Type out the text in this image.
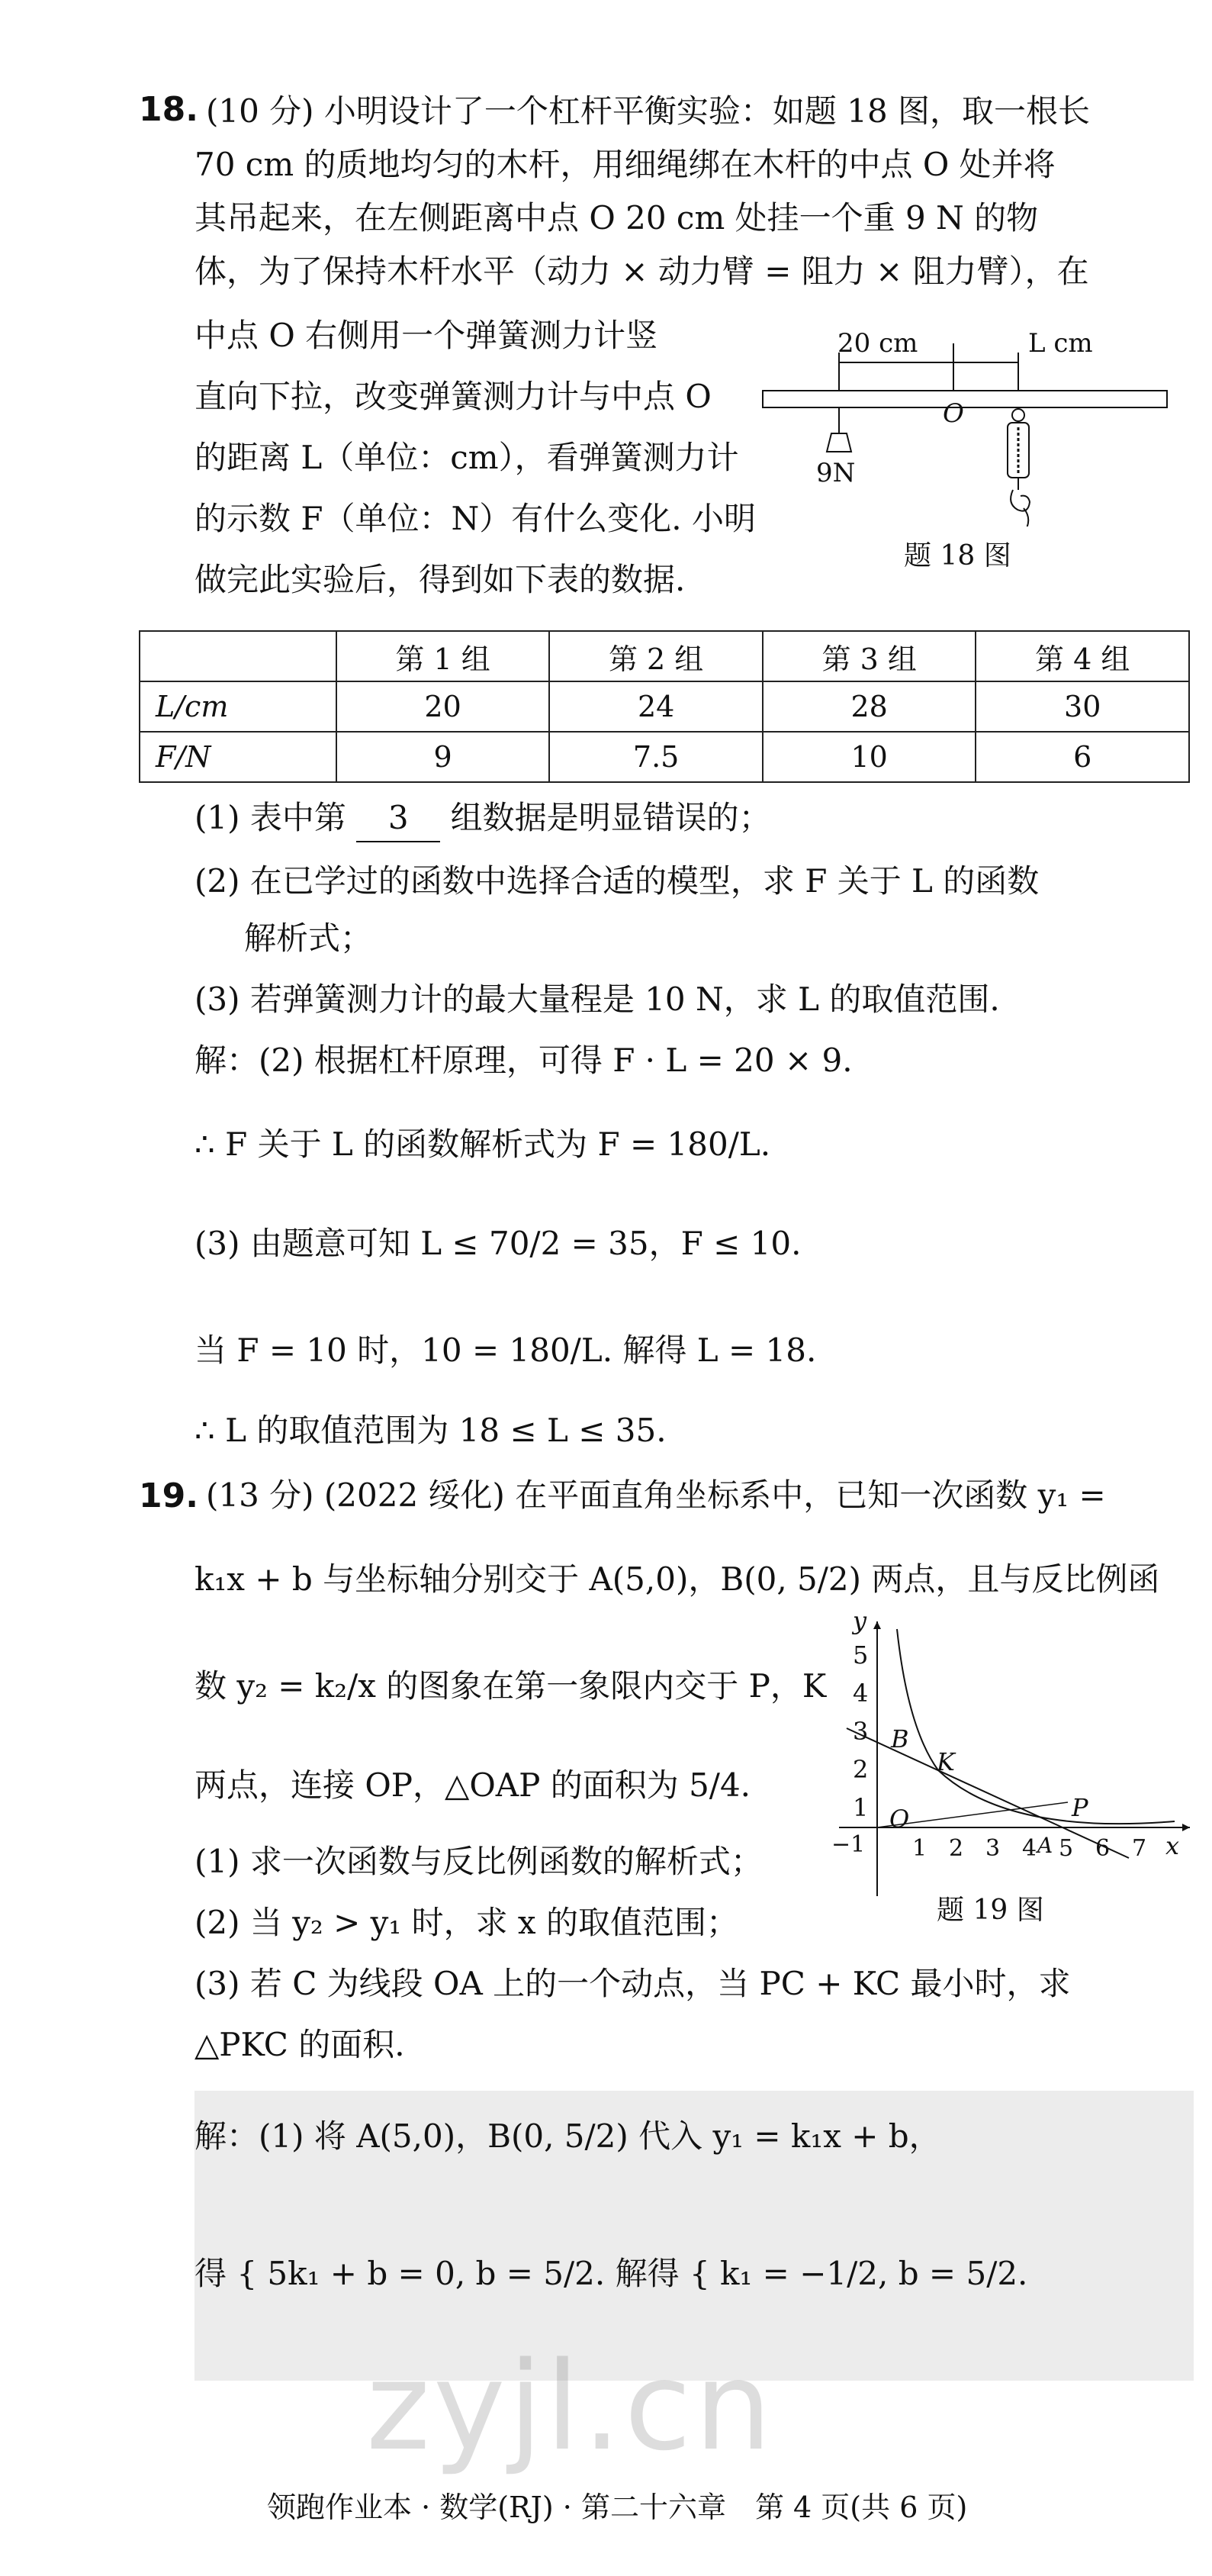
18. (10 分) 小明设计了一个杠杆平衡实验：如题 18 图，取一根长
70 cm 的质地均匀的木杆，用细绳绑在木杆的中点 O 处并将
其吊起来，在左侧距离中点 O 20 cm 处挂一个重 9 N 的物
体，为了保持木杆水平（动力 × 动力臂 = 阻力 × 阻力臂），在
中点 O 右侧用一个弹簧测力计竖
直向下拉，改变弹簧测力计与中点 O
的距离 L（单位：cm），看弹簧测力计
的示数 F（单位：N）有什么变化. 小明
做完此实验后，得到如下表的数据.
20 cm	L cm
O
9N
题 18 图
	第 1 组	第 2 组	第 3 组	第 4 组
L/cm	20	24	28	30
F/N	9	7.5	10	6
(1) 表中第 3 组数据是明显错误的；
(2) 在已学过的函数中选择合适的模型，求 F 关于 L 的函数
解析式；
(3) 若弹簧测力计的最大量程是 10 N，求 L 的取值范围.
解：(2) 根据杠杆原理，可得 F · L = 20 × 9.
∴ F 关于 L 的函数解析式为 F = 180/L.
(3) 由题意可知 L ≤ 70/2 = 35，F ≤ 10.
当 F = 10 时，10 = 180/L. 解得 L = 18.
∴ L 的取值范围为 18 ≤ L ≤ 35.
19. (13 分) (2022 绥化) 在平面直角坐标系中，已知一次函数 y₁ =
k₁x + b 与坐标轴分别交于 A(5,0)，B(0, 5/2) 两点，且与反比例函
数 y₂ = k₂/x 的图象在第一象限内交于 P，K
两点，连接 OP，△OAP 的面积为 5/4.
(1) 求一次函数与反比例函数的解析式；
(2) 当 y₂ > y₁ 时，求 x 的取值范围；
(3) 若 C 为线段 OA 上的一个动点，当 PC + KC 最小时，求
△PKC 的面积.
y
x
5
4
3
2
1
−1 1 2 3 4 5 6 7
B
K
O	P
A
题 19 图
解：(1) 将 A(5,0)，B(0, 5/2) 代入 y₁ = k₁x + b，
得 { 5k₁ + b = 0, b = 5/2. 解得 { k₁ = −1/2, b = 5/2.
zyjl.cn
领跑作业本 · 数学(RJ) · 第二十六章　第 4 页(共 6 页)
